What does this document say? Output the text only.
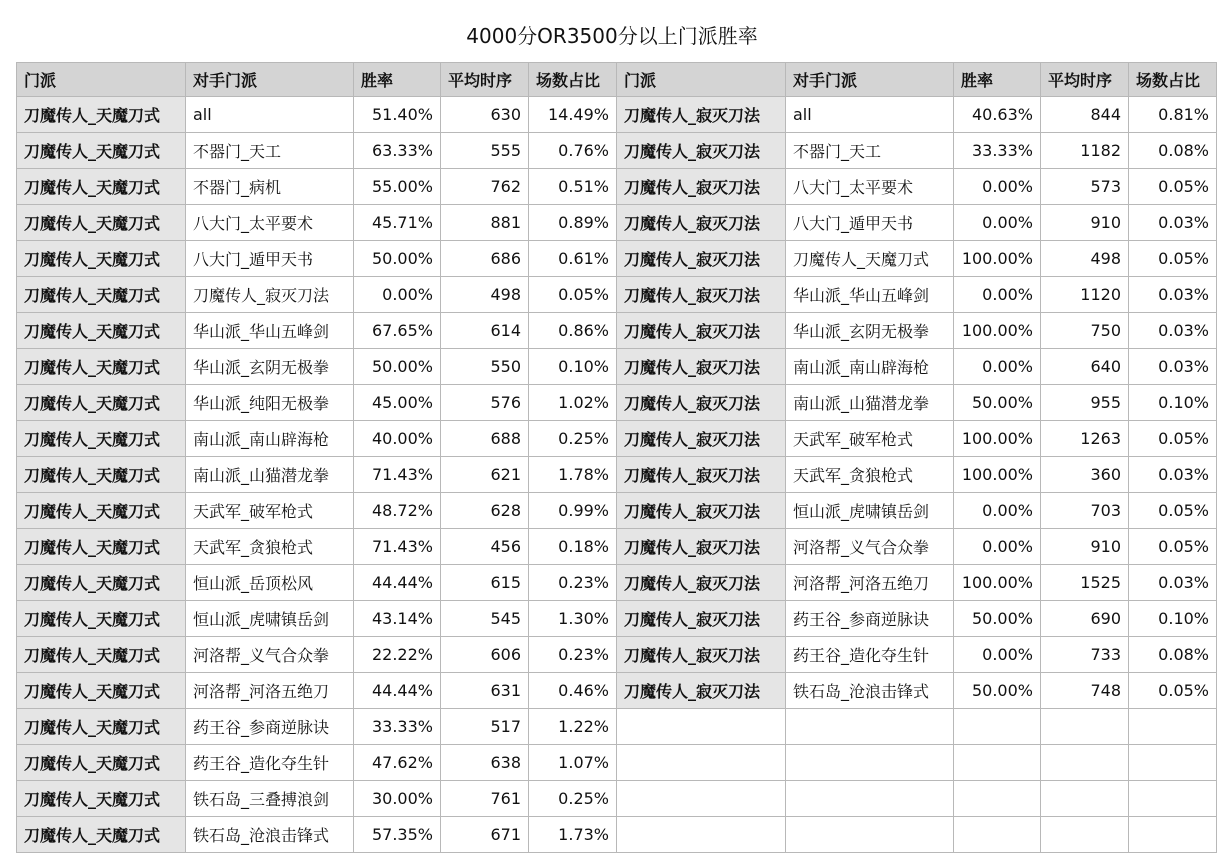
4000分OR3500分以上门派胜率
门派	对手门派	胜率	平均时序	场数占比	门派	对手门派	胜率	平均时序	场数占比
刀魔传人_天魔刀式	all	51.40%	630	14.49%	刀魔传人_寂灭刀法	all	40.63%	844	0.81%
刀魔传人_天魔刀式	不器门_天工	63.33%	555	0.76%	刀魔传人_寂灭刀法	不器门_天工	33.33%	1182	0.08%
刀魔传人_天魔刀式	不器门_病机	55.00%	762	0.51%	刀魔传人_寂灭刀法	八大门_太平要术	0.00%	573	0.05%
刀魔传人_天魔刀式	八大门_太平要术	45.71%	881	0.89%	刀魔传人_寂灭刀法	八大门_遁甲天书	0.00%	910	0.03%
刀魔传人_天魔刀式	八大门_遁甲天书	50.00%	686	0.61%	刀魔传人_寂灭刀法	刀魔传人_天魔刀式	100.00%	498	0.05%
刀魔传人_天魔刀式	刀魔传人_寂灭刀法	0.00%	498	0.05%	刀魔传人_寂灭刀法	华山派_华山五峰剑	0.00%	1120	0.03%
刀魔传人_天魔刀式	华山派_华山五峰剑	67.65%	614	0.86%	刀魔传人_寂灭刀法	华山派_玄阴无极拳	100.00%	750	0.03%
刀魔传人_天魔刀式	华山派_玄阴无极拳	50.00%	550	0.10%	刀魔传人_寂灭刀法	南山派_南山辟海枪	0.00%	640	0.03%
刀魔传人_天魔刀式	华山派_纯阳无极拳	45.00%	576	1.02%	刀魔传人_寂灭刀法	南山派_山猫潜龙拳	50.00%	955	0.10%
刀魔传人_天魔刀式	南山派_南山辟海枪	40.00%	688	0.25%	刀魔传人_寂灭刀法	天武军_破军枪式	100.00%	1263	0.05%
刀魔传人_天魔刀式	南山派_山猫潜龙拳	71.43%	621	1.78%	刀魔传人_寂灭刀法	天武军_贪狼枪式	100.00%	360	0.03%
刀魔传人_天魔刀式	天武军_破军枪式	48.72%	628	0.99%	刀魔传人_寂灭刀法	恒山派_虎啸镇岳剑	0.00%	703	0.05%
刀魔传人_天魔刀式	天武军_贪狼枪式	71.43%	456	0.18%	刀魔传人_寂灭刀法	河洛帮_义气合众拳	0.00%	910	0.05%
刀魔传人_天魔刀式	恒山派_岳顶松风	44.44%	615	0.23%	刀魔传人_寂灭刀法	河洛帮_河洛五绝刀	100.00%	1525	0.03%
刀魔传人_天魔刀式	恒山派_虎啸镇岳剑	43.14%	545	1.30%	刀魔传人_寂灭刀法	药王谷_参商逆脉诀	50.00%	690	0.10%
刀魔传人_天魔刀式	河洛帮_义气合众拳	22.22%	606	0.23%	刀魔传人_寂灭刀法	药王谷_造化夺生针	0.00%	733	0.08%
刀魔传人_天魔刀式	河洛帮_河洛五绝刀	44.44%	631	0.46%	刀魔传人_寂灭刀法	铁石岛_沧浪击锋式	50.00%	748	0.05%
刀魔传人_天魔刀式	药王谷_参商逆脉诀	33.33%	517	1.22%					
刀魔传人_天魔刀式	药王谷_造化夺生针	47.62%	638	1.07%					
刀魔传人_天魔刀式	铁石岛_三叠搏浪剑	30.00%	761	0.25%					
刀魔传人_天魔刀式	铁石岛_沧浪击锋式	57.35%	671	1.73%					
